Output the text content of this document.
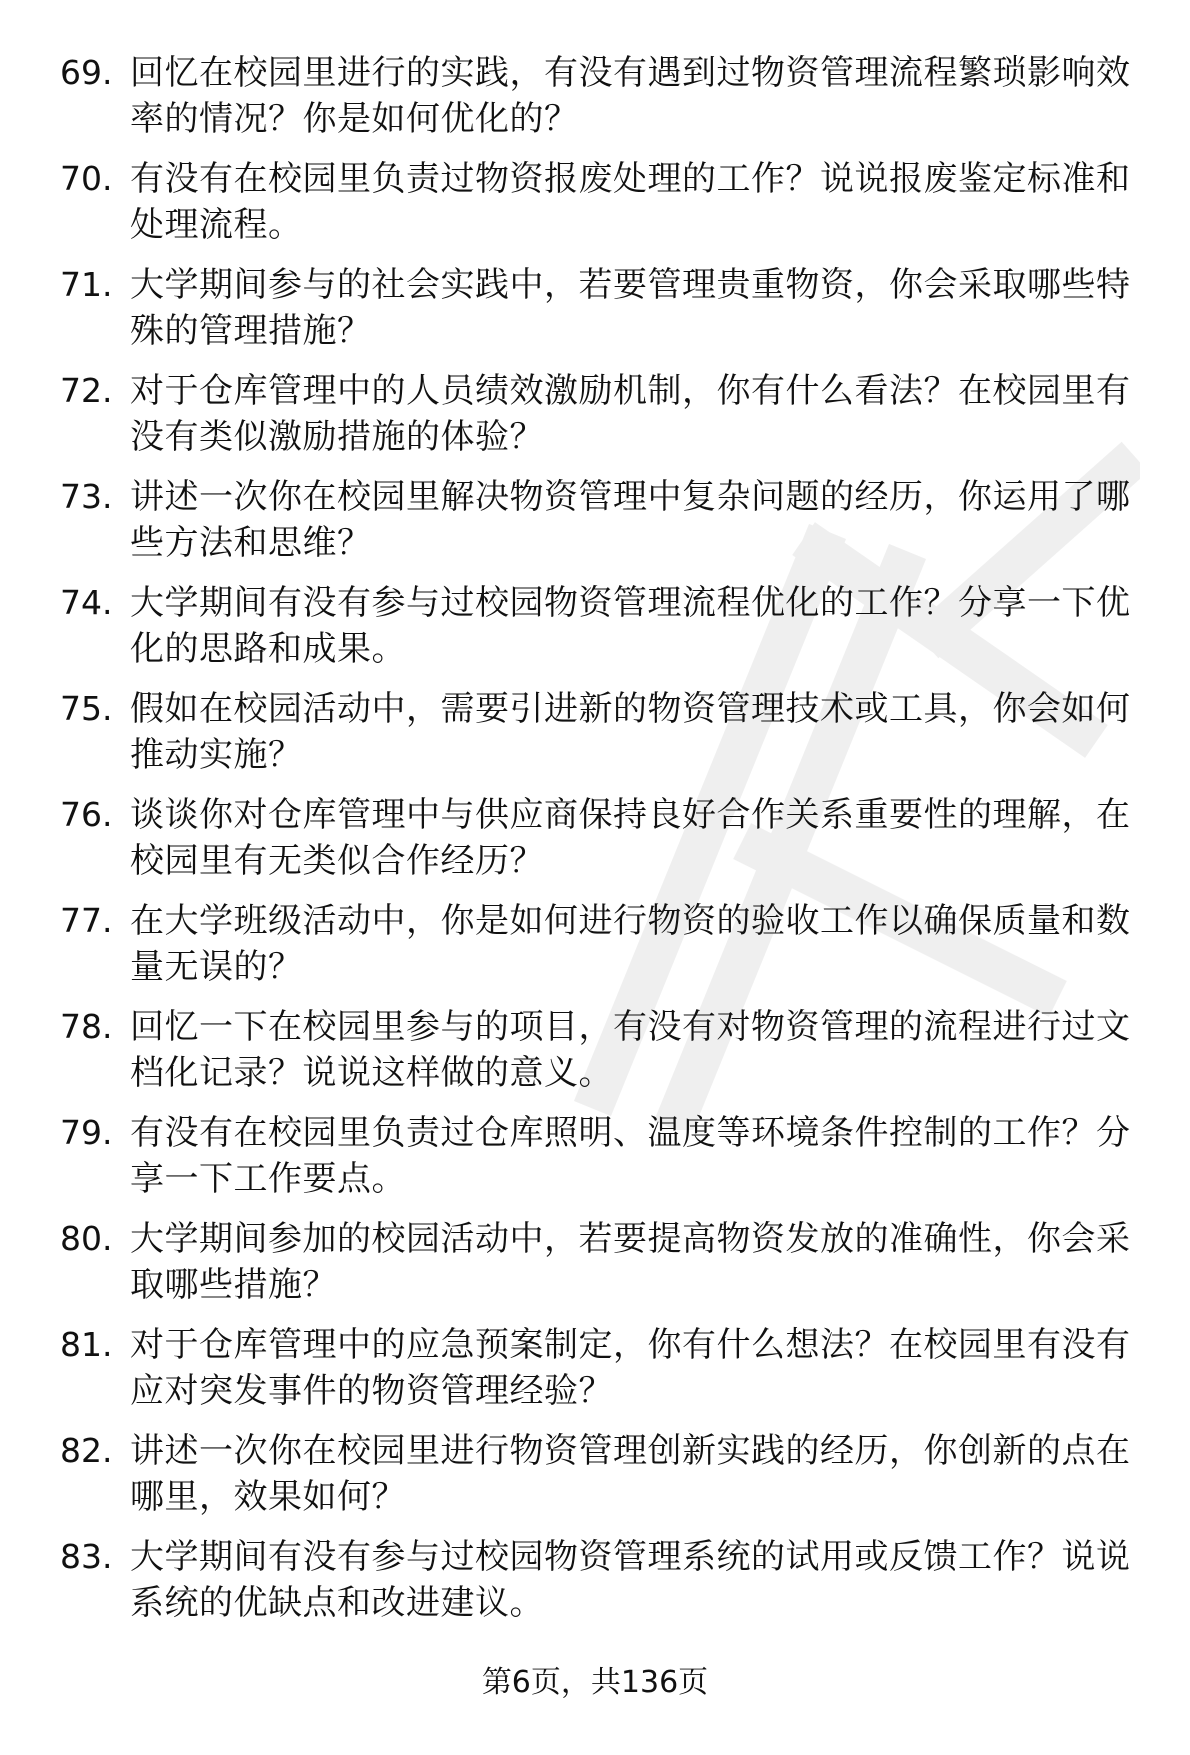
69. 回忆在校园里进行的实践，有没有遇到过物资管理流程繁琐影响效率的情况？你是如何优化的？
70. 有没有在校园里负责过物资报废处理的工作？说说报废鉴定标准和处理流程。
71. 大学期间参与的社会实践中，若要管理贵重物资，你会采取哪些特殊的管理措施？
72. 对于仓库管理中的人员绩效激励机制，你有什么看法？在校园里有没有类似激励措施的体验？
73. 讲述一次你在校园里解决物资管理中复杂问题的经历，你运用了哪些方法和思维？
74. 大学期间有没有参与过校园物资管理流程优化的工作？分享一下优化的思路和成果。
75. 假如在校园活动中，需要引进新的物资管理技术或工具，你会如何推动实施？
76. 谈谈你对仓库管理中与供应商保持良好合作关系重要性的理解，在校园里有无类似合作经历？
77. 在大学班级活动中，你是如何进行物资的验收工作以确保质量和数量无误的？
78. 回忆一下在校园里参与的项目，有没有对物资管理的流程进行过文档化记录？说说这样做的意义。
79. 有没有在校园里负责过仓库照明、温度等环境条件控制的工作？分享一下工作要点。
80. 大学期间参加的校园活动中，若要提高物资发放的准确性，你会采取哪些措施？
81. 对于仓库管理中的应急预案制定，你有什么想法？在校园里有没有应对突发事件的物资管理经验？
82. 讲述一次你在校园里进行物资管理创新实践的经历，你创新的点在哪里，效果如何？
83. 大学期间有没有参与过校园物资管理系统的试用或反馈工作？说说系统的优缺点和改进建议。
第6页，共136页
